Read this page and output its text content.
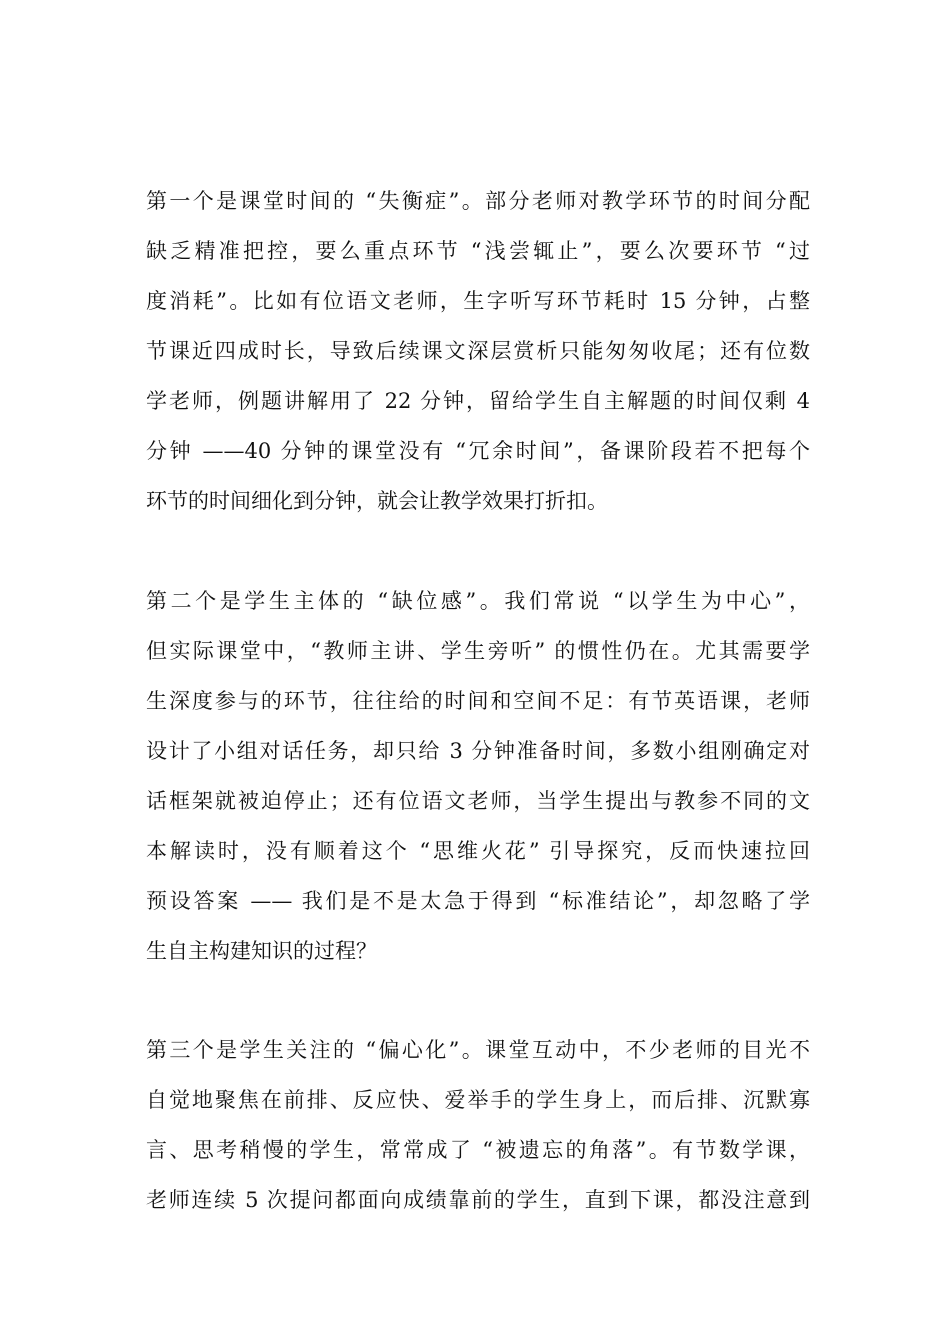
第一个是课堂时间的 “失衡症”。部分老师对教学环节的时间分配
缺乏精准把控，要么重点环节 “浅尝辄止”，要么次要环节 “过
度消耗”。比如有位语文老师，生字听写环节耗时 15 分钟，占整
节课近四成时长，导致后续课文深层赏析只能匆匆收尾；还有位数
学老师，例题讲解用了 22 分钟，留给学生自主解题的时间仅剩 4
分钟 ——40 分钟的课堂没有 “冗余时间”，备课阶段若不把每个
环节的时间细化到分钟，就会让教学效果打折扣。
第二个是学生主体的 “缺位感”。我们常说 “以学生为中心”，
但实际课堂中，“教师主讲、学生旁听” 的惯性仍在。尤其需要学
生深度参与的环节，往往给的时间和空间不足：有节英语课，老师
设计了小组对话任务，却只给 3 分钟准备时间，多数小组刚确定对
话框架就被迫停止；还有位语文老师，当学生提出与教参不同的文
本解读时，没有顺着这个 “思维火花” 引导探究，反而快速拉回
预设答案 —— 我们是不是太急于得到 “标准结论”，却忽略了学
生自主构建知识的过程？
第三个是学生关注的 “偏心化”。课堂互动中，不少老师的目光不
自觉地聚焦在前排、反应快、爱举手的学生身上，而后排、沉默寡
言、思考稍慢的学生，常常成了 “被遗忘的角落”。有节数学课，
老师连续 5 次提问都面向成绩靠前的学生，直到下课，都没注意到
